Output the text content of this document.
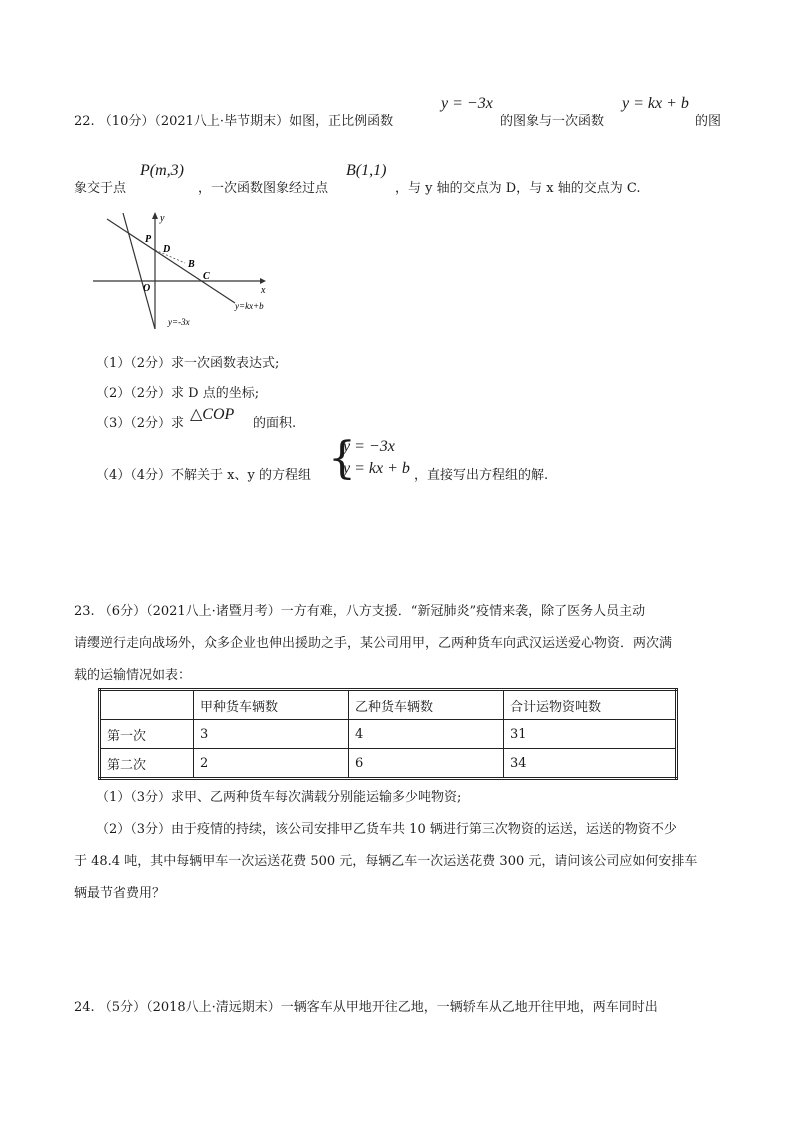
22. （10分）（2021八上·毕节期末）如图，正比例函数
y = −3x
的图象与一次函数
y = kx + b
的图
象交于点
P(m,3)
，一次函数图象经过点
B(1,1)
，与 y 轴的交点为 D，与 x 轴的交点为 C.
y
x
P
D
B
C
O
y=kx+b
y=-3x
（1）（2分）求一次函数表达式;
（2）（2分）求 D 点的坐标;
（3）（2分）求
△COP
的面积.
（4）（4分）不解关于 x、y 的方程组 {
y = −3x
y = kx + b ，直接写出方程组的解.
23. （6分）（2021八上·诸暨月考）一方有难，八方支援．“新冠肺炎”疫情来袭，除了医务人员主动
请缨逆行走向战场外，众多企业也伸出援助之手，某公司用甲，乙两种货车向武汉运送爱心物资．两次满
载的运输情况如表：
	甲种货车辆数	乙种货车辆数	合计运物资吨数
第一次	3	4	31
第二次	2	6	34
（1）（3分）求甲、乙两种货车每次满载分别能运输多少吨物资;
（2）（3分）由于疫情的持续，该公司安排甲乙货车共 10 辆进行第三次物资的运送，运送的物资不少
于 48.4 吨，其中每辆甲车一次运送花费 500 元，每辆乙车一次运送花费 300 元，请问该公司应如何安排车
辆最节省费用？
24. （5分）（2018八上·清远期末）一辆客车从甲地开往乙地，一辆轿车从乙地开往甲地，两车同时出
